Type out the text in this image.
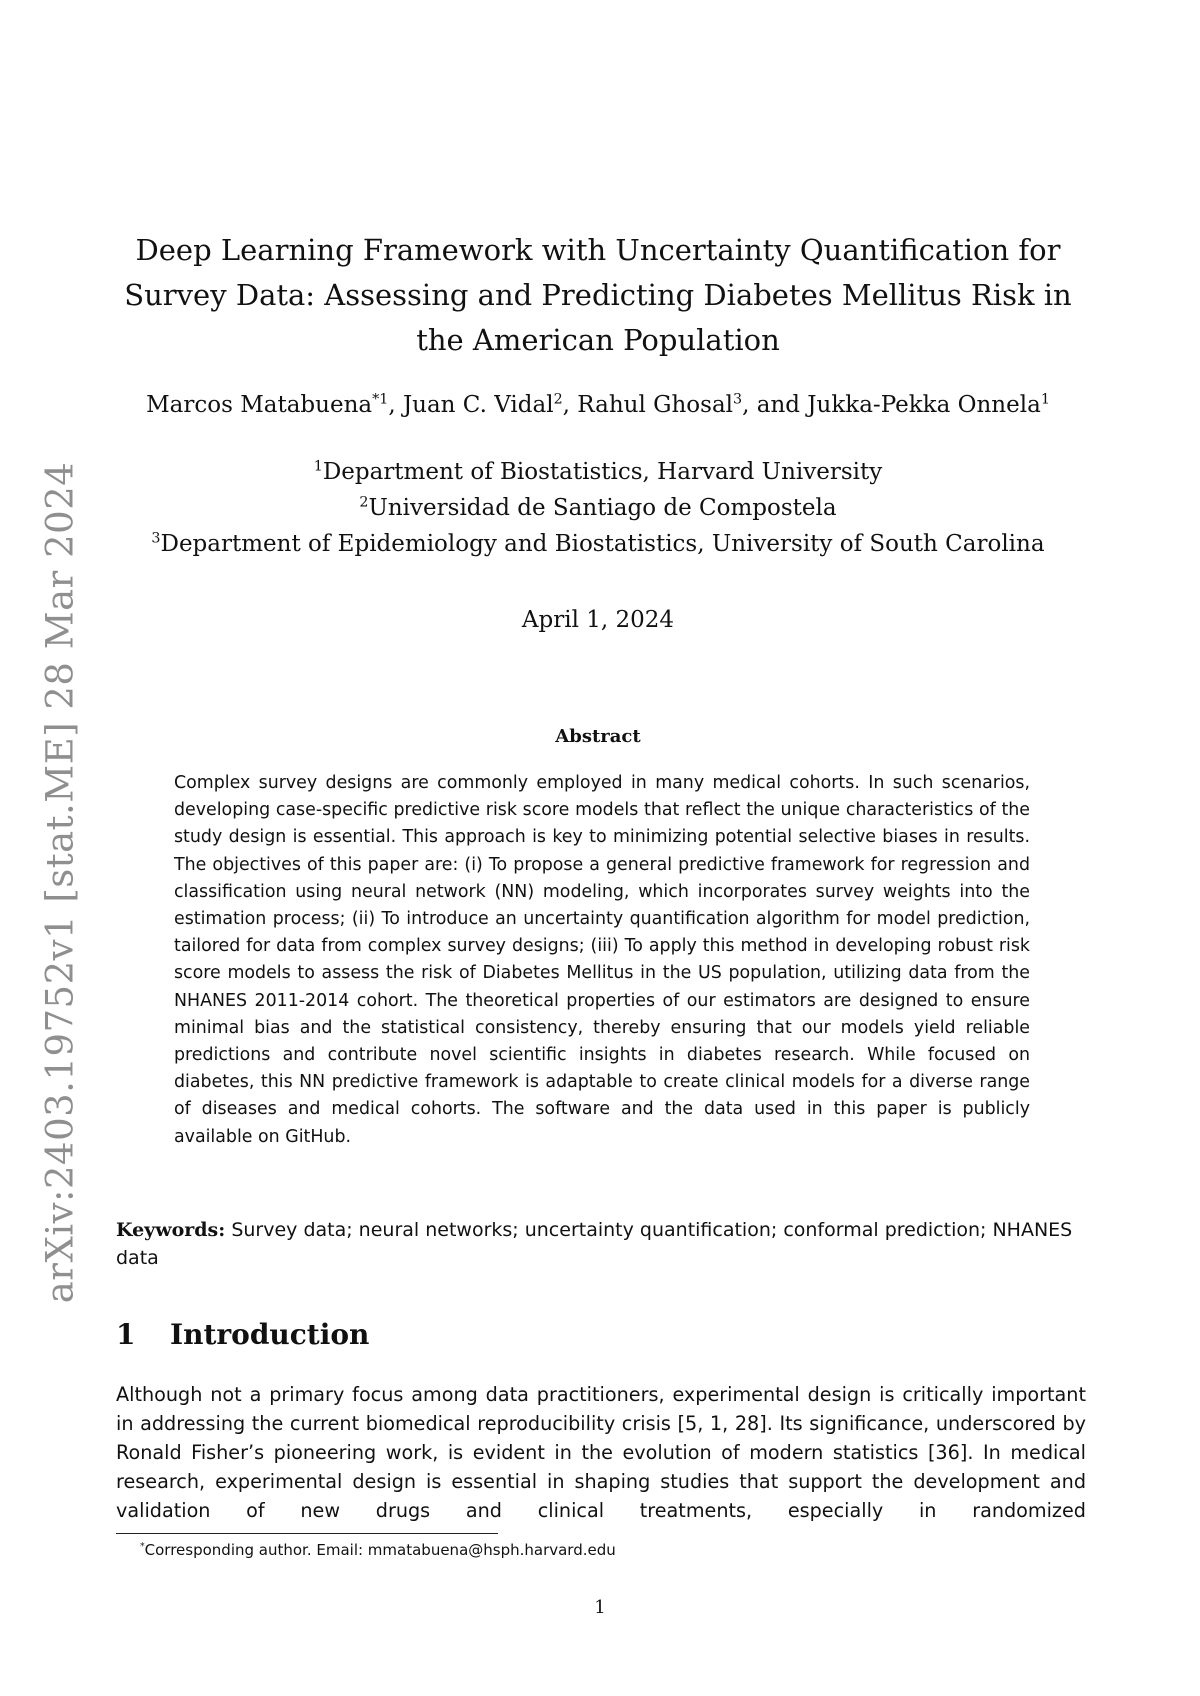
arXiv:2403.19752v1 [stat.ME] 28 Mar 2024
Deep Learning Framework with Uncertainty Quantification for
Survey Data: Assessing and Predicting Diabetes Mellitus Risk in
the American Population
Marcos Matabuena$^{*1}$, Juan C. Vidal$^2$, Rahul Ghosal$^3$, and Jukka-Pekka Onnela$^1$
$^1$Department of Biostatistics, Harvard University
$^2$Universidad de Santiago de Compostela
$^3$Department of Epidemiology and Biostatistics, University of South Carolina
April 1, 2024
Abstract
Complex survey designs are commonly employed in many medical cohorts. In such scenarios, developing case-specific predictive risk score models that reflect the unique characteristics of the study design is essential. This approach is key to minimizing potential selective biases in results. The objectives of this paper are: (i) To propose a general predictive framework for regression and classification using neural network (NN) modeling, which incorporates survey weights into the estimation process; (ii) To introduce an uncertainty quantification algorithm for model prediction, tailored for data from complex survey designs; (iii) To apply this method in developing robust risk score models to assess the risk of Diabetes Mellitus in the US population, utilizing data from the NHANES 2011-2014 cohort. The theoretical properties of our estimators are designed to ensure minimal bias and the statistical consistency, thereby ensuring that our models yield reliable predictions and contribute novel scientific insights in diabetes research. While focused on diabetes, this NN predictive framework is adaptable to create clinical models for a diverse range of diseases and medical cohorts. The software and the data used in this paper is publicly available on GitHub.
Keywords: Survey data; neural networks; uncertainty quantification; conformal prediction; NHANES data
1 Introduction
Although not a primary focus among data practitioners, experimental design is critically important in addressing the current biomedical reproducibility crisis [5, 1, 28]. Its significance, underscored by Ronald Fisher’s pioneering work, is evident in the evolution of modern statistics [36]. In medical research, experimental design is essential in shaping studies that support the development and validation of new drugs and clinical treatments, especially in randomized
*Corresponding author. Email: mmatabuena@hsph.harvard.edu
1
